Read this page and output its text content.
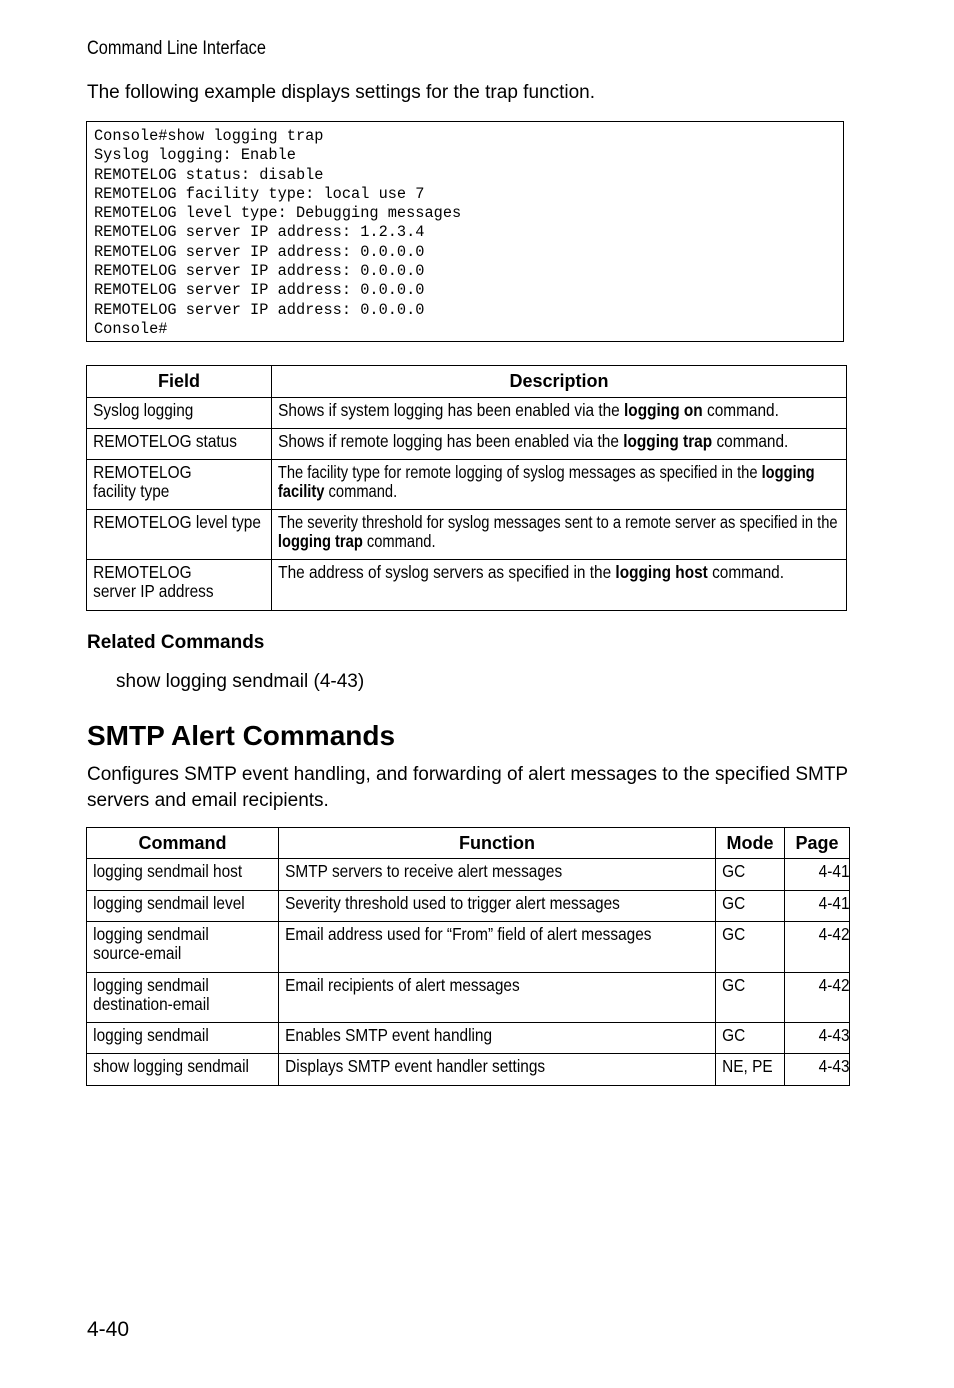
Command Line Interface
The following example displays settings for the trap function.
Console#show logging trap
Syslog logging: Enable
REMOTELOG status: disable
REMOTELOG facility type: local use 7
REMOTELOG level type: Debugging messages
REMOTELOG server IP address: 1.2.3.4
REMOTELOG server IP address: 0.0.0.0
REMOTELOG server IP address: 0.0.0.0
REMOTELOG server IP address: 0.0.0.0
REMOTELOG server IP address: 0.0.0.0
Console#
Field	Description

Syslog logging	Shows if system logging has been enabled via the logging on command.

REMOTELOG status	Shows if remote logging has been enabled via the logging trap command.

REMOTELOG
facility type	The facility type for remote logging of syslog messages as specified in the logging facility command.

REMOTELOG level type	The severity threshold for syslog messages sent to a remote server as specified in the logging trap command.

REMOTELOG
server IP address	The address of syslog servers as specified in the logging host command.
Related Commands
show logging sendmail (4-43)
SMTP Alert Commands
Configures SMTP event handling, and forwarding of alert messages to the specified SMTP servers and email recipients.
Command	Function	Mode	Page

logging sendmail host	SMTP servers to receive alert messages	GC	4-41

logging sendmail level	Severity threshold used to trigger alert messages	GC	4-41

logging sendmail
source-email	Email address used for “From” field of alert messages	GC	4-42

logging sendmail
destination-email	Email recipients of alert messages	GC	4-42

logging sendmail	Enables SMTP event handling	GC	4-43

show logging sendmail	Displays SMTP event handler settings	NE, PE	4-43
4-40
